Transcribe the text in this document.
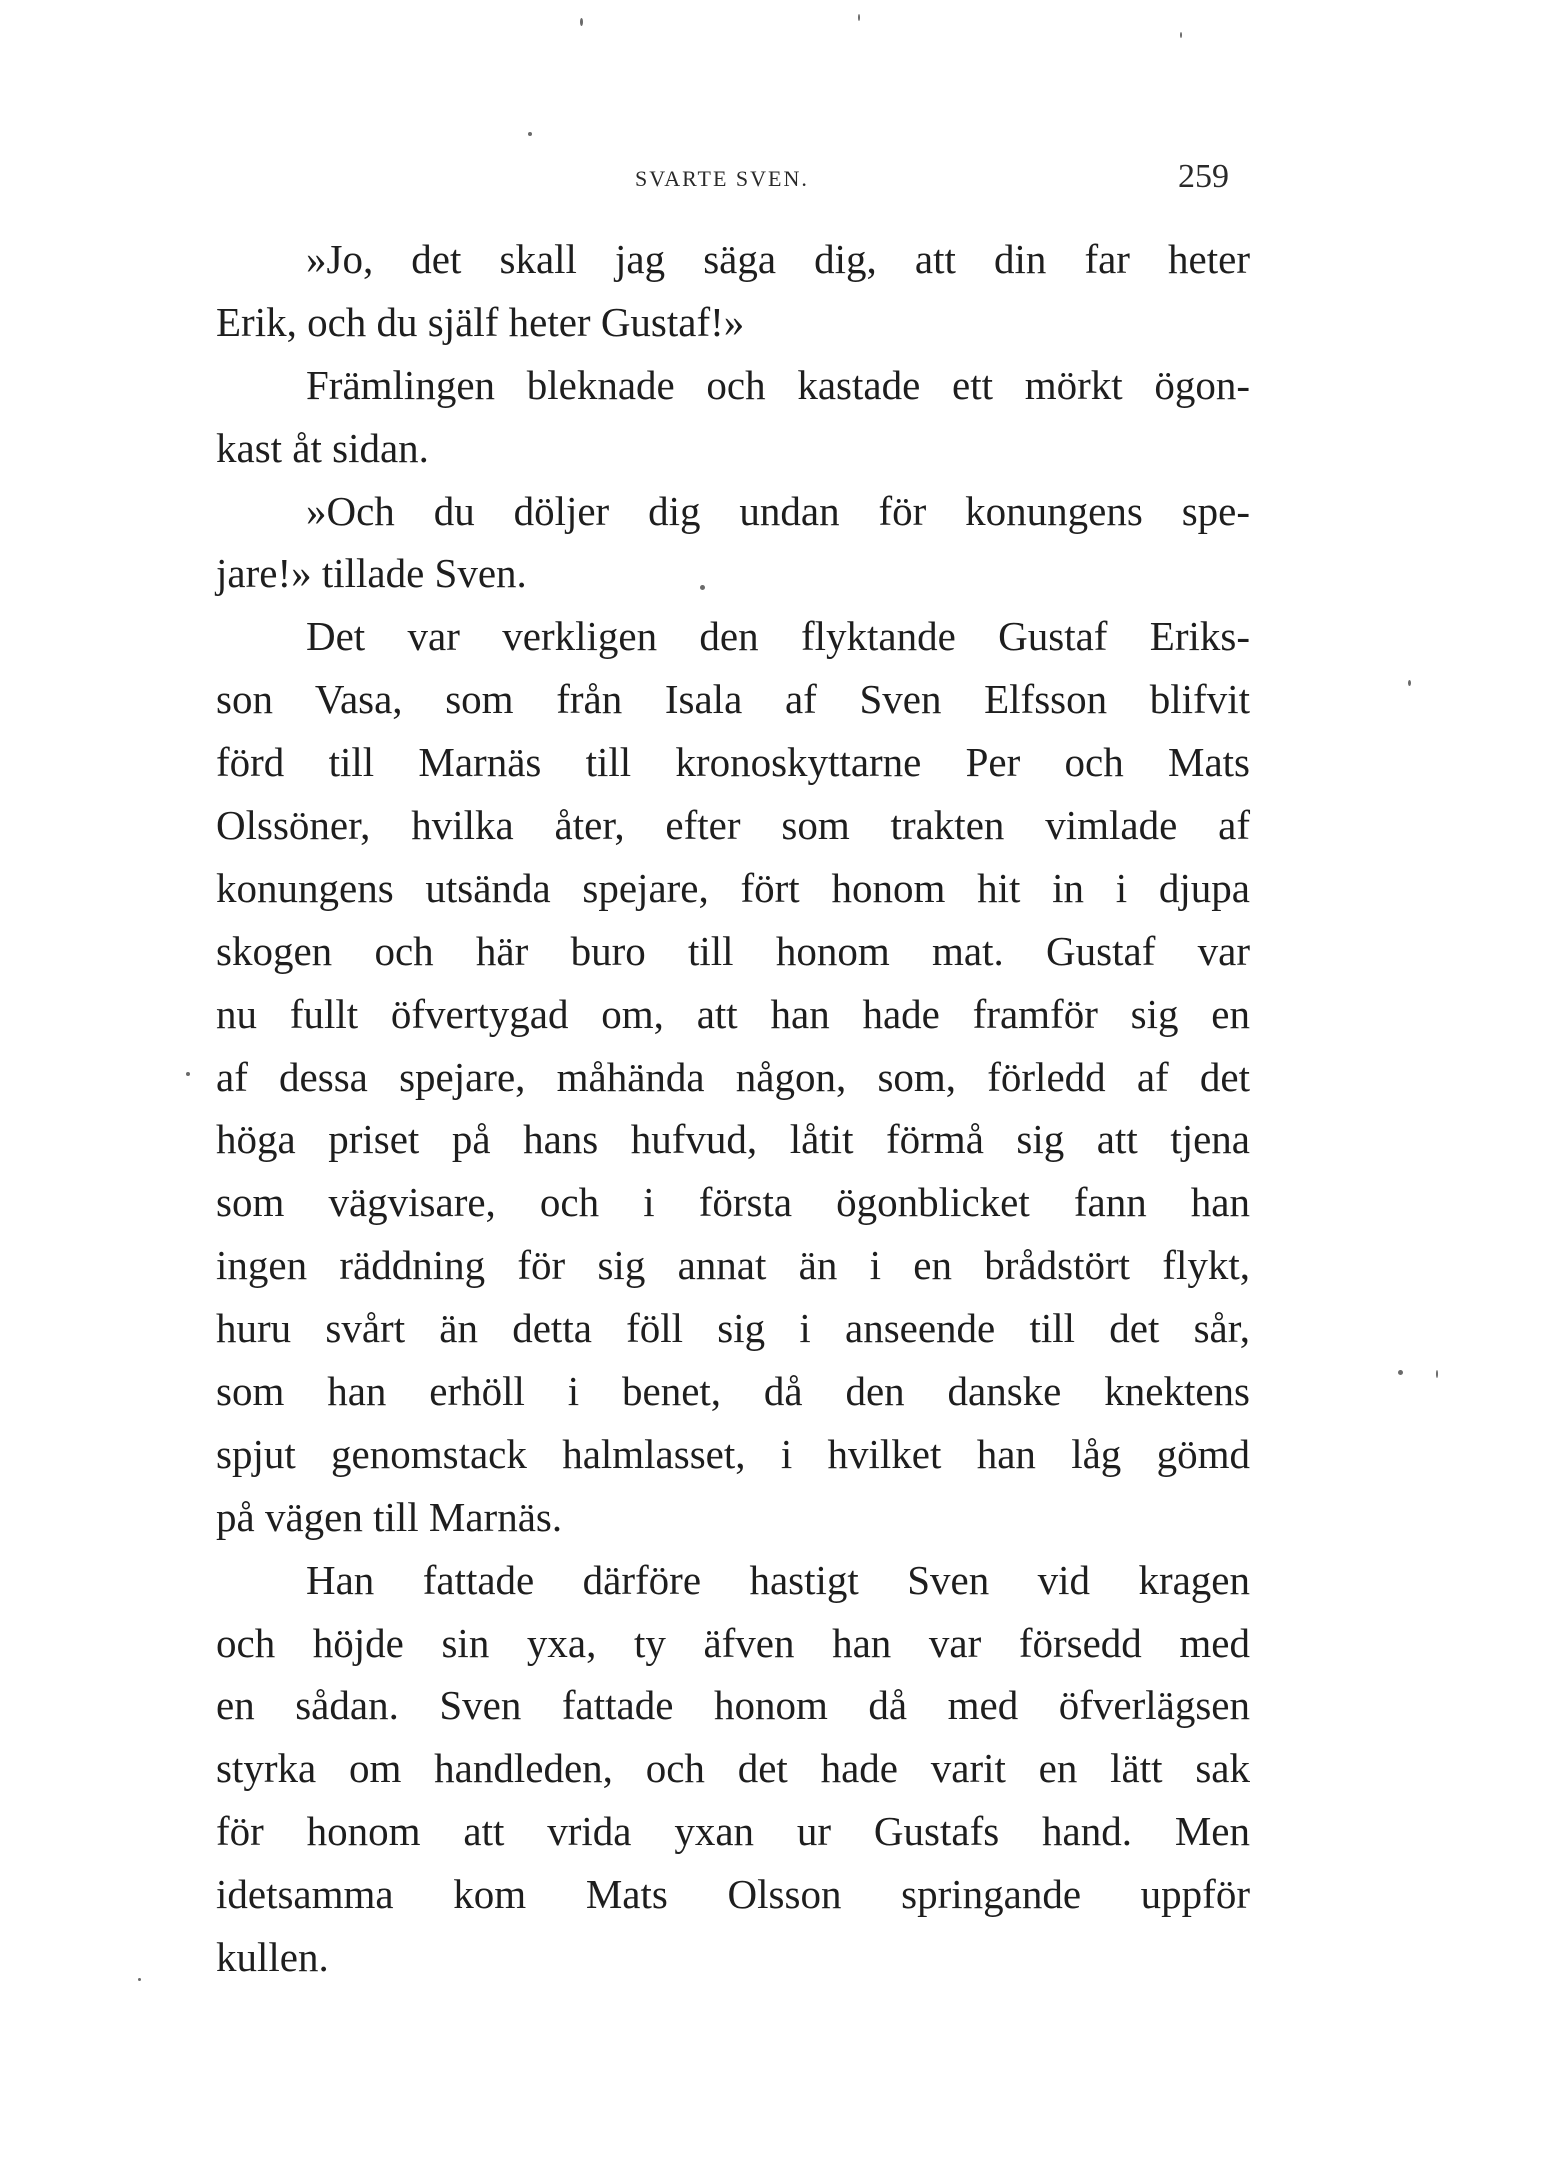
SVARTE SVEN.	259
»Jo, det skall jag säga dig, att din far heter
Erik, och du själf heter Gustaf!»
Främlingen bleknade och kastade ett mörkt ögon-
kast åt sidan.
»Och du döljer dig undan för konungens spe-
jare!» tillade Sven.
Det var verkligen den flyktande Gustaf Eriks-
son Vasa, som från Isala af Sven Elfsson blifvit
förd till Marnäs till kronoskyttarne Per och Mats
Olssöner, hvilka åter, efter som trakten vimlade af
konungens utsända spejare, fört honom hit in i djupa
skogen och här buro till honom mat. Gustaf var
nu fullt öfvertygad om, att han hade framför sig en
af dessa spejare, måhända någon, som, förledd af det
höga priset på hans hufvud, låtit förmå sig att tjena
som vägvisare, och i första ögonblicket fann han
ingen räddning för sig annat än i en brådstört flykt,
huru svårt än detta föll sig i anseende till det sår,
som han erhöll i benet, då den danske knektens
spjut genomstack halmlasset, i hvilket han låg gömd
på vägen till Marnäs.
Han fattade därföre hastigt Sven vid kragen
och höjde sin yxa, ty äfven han var försedd med
en sådan. Sven fattade honom då med öfverlägsen
styrka om handleden, och det hade varit en lätt sak
för honom att vrida yxan ur Gustafs hand. Men
idetsamma kom Mats Olsson springande uppför
kullen.
